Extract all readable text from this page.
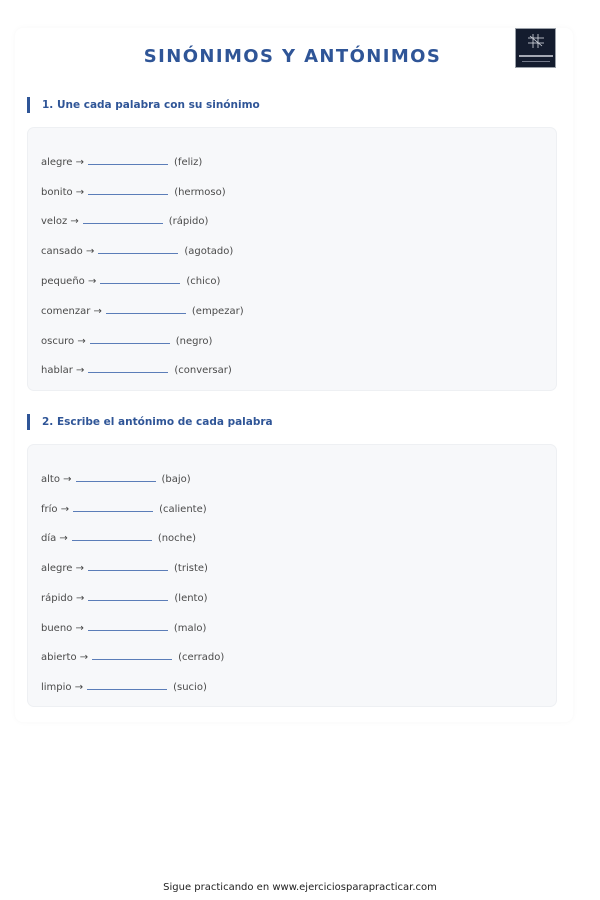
SINÓNIMOS Y ANTÓNIMOS
1. Une cada palabra con su sinónimo
alegre →	(feliz)
bonito →	(hermoso)
veloz →	(rápido)
cansado →	(agotado)
pequeño →	(chico)
comenzar →	(empezar)
oscuro →	(negro)
hablar →	(conversar)
2. Escribe el antónimo de cada palabra
alto →	(bajo)
frío →	(caliente)
día →	(noche)
alegre →	(triste)
rápido →	(lento)
bueno →	(malo)
abierto →	(cerrado)
limpio →	(sucio)
Sigue practicando en www.ejerciciosparapracticar.com
